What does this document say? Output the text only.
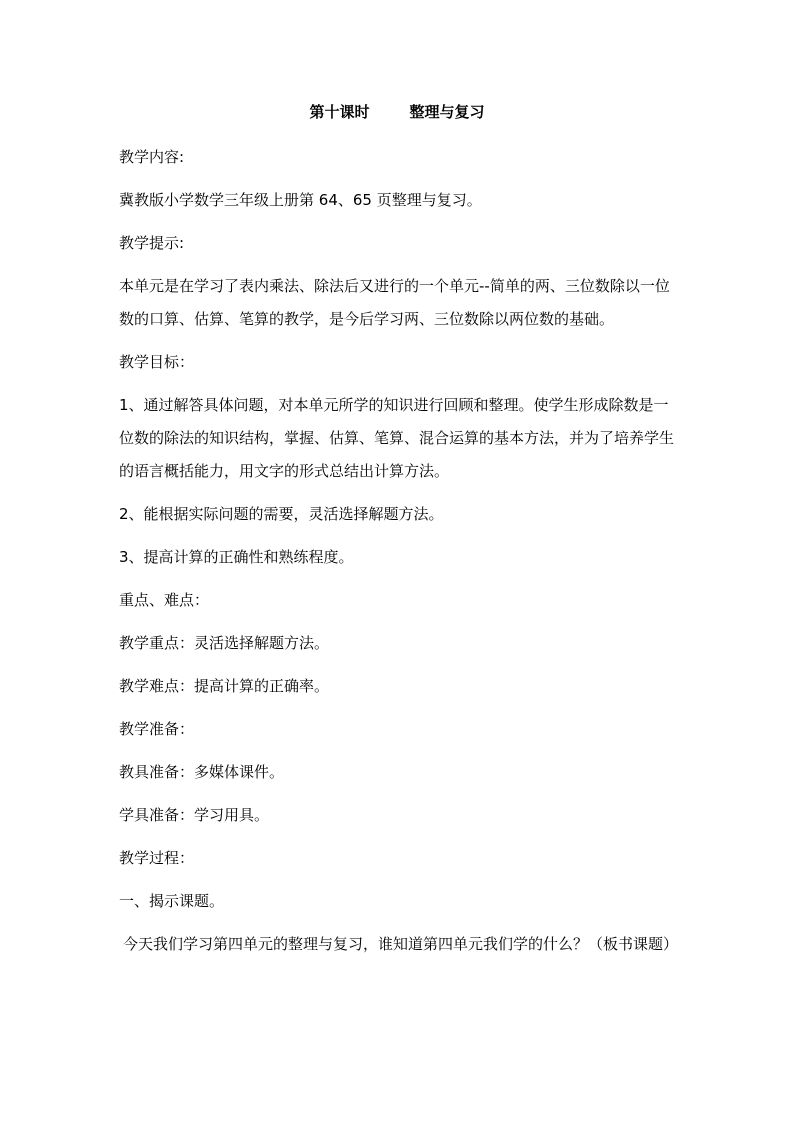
第十课时	整理与复习

教学内容:

冀教版小学数学三年级上册第 64、65 页整理与复习。

教学提示:

本单元是在学习了表内乘法、除法后又进行的一个单元--简单的两、三位数除以一位数的口算、估算、笔算的教学，是今后学习两、三位数除以两位数的基础。

教学目标：

1、通过解答具体问题，对本单元所学的知识进行回顾和整理。使学生形成除数是一位数的除法的知识结构，掌握、估算、笔算、混合运算的基本方法，并为了培养学生的语言概括能力，用文字的形式总结出计算方法。

2、能根据实际问题的需要，灵活选择解题方法。

3、提高计算的正确性和熟练程度。

重点、难点：

教学重点：灵活选择解题方法。

教学难点：提高计算的正确率。

教学准备：

教具准备：多媒体课件。

学具准备：学习用具。

教学过程：

一、揭示课题。

今天我们学习第四单元的整理与复习，谁知道第四单元我们学的什么？（板书课题）
